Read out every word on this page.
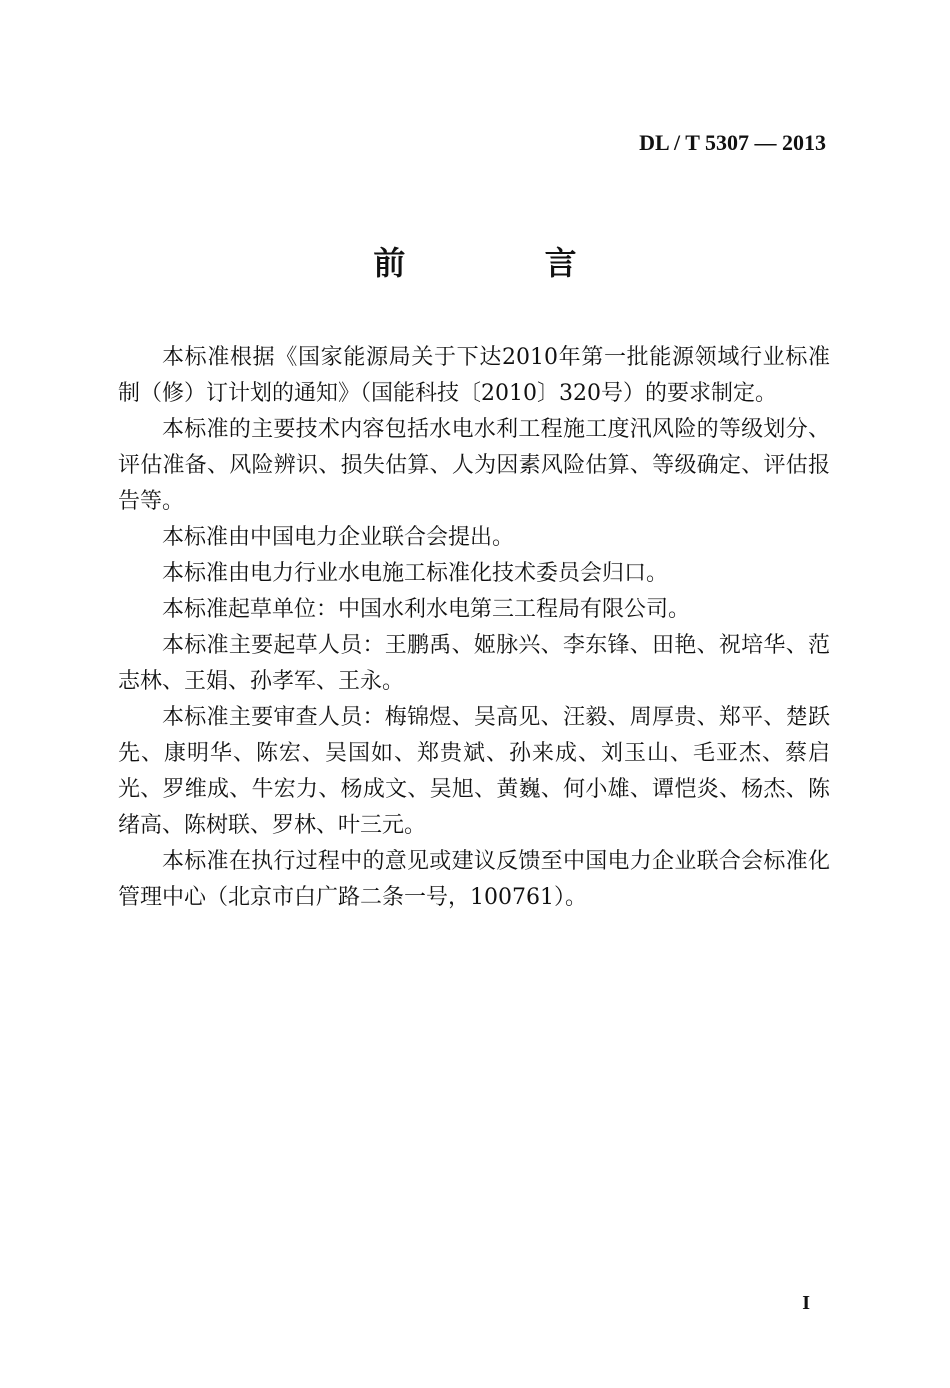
DL / T 5307 — 2013
前 言

本标准根据《国家能源局关于下达2010年第一批能源领域行业标准制（修）订计划的通知》（国能科技〔2010〕320号）的要求制定。

本标准的主要技术内容包括水电水利工程施工度汛风险的等级划分、评估准备、风险辨识、损失估算、人为因素风险估算、等级确定、评估报告等。

本标准由中国电力企业联合会提出。

本标准由电力行业水电施工标准化技术委员会归口。

本标准起草单位：中国水利水电第三工程局有限公司。

本标准主要起草人员：王鹏禹、姬脉兴、李东锋、田艳、祝培华、范志林、王娟、孙孝军、王永。

本标准主要审查人员：梅锦煜、吴高见、汪毅、周厚贵、郑平、楚跃先、康明华、陈宏、吴国如、郑贵斌、孙来成、刘玉山、毛亚杰、蔡启光、罗维成、牛宏力、杨成文、吴旭、黄巍、何小雄、谭恺炎、杨杰、陈绪高、陈树联、罗林、叶三元。

本标准在执行过程中的意见或建议反馈至中国电力企业联合会标准化管理中心（北京市白广路二条一号，100761）。

I
